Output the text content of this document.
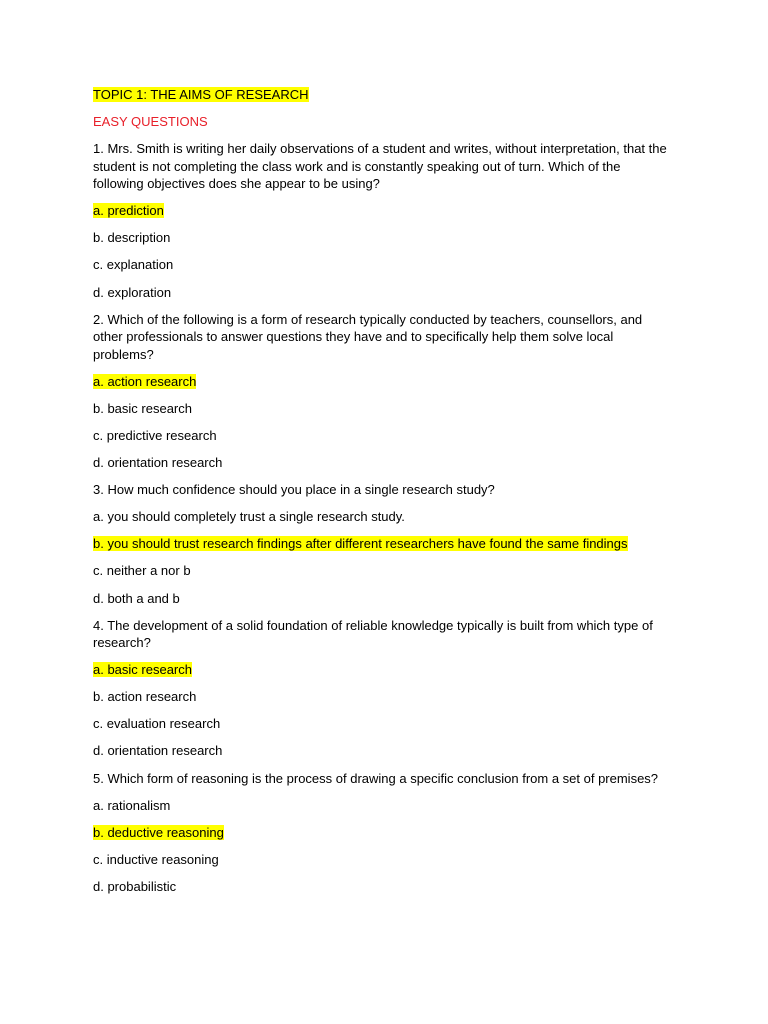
TOPIC 1: THE AIMS OF RESEARCH

EASY QUESTIONS

1. Mrs. Smith is writing her daily observations of a student and writes, without interpretation, that the student is not completing the class work and is constantly speaking out of turn. Which of the following objectives does she appear to be using?

a. prediction

b. description

c. explanation

d. exploration

2. Which of the following is a form of research typically conducted by teachers, counsellors, and other professionals to answer questions they have and to specifically help them solve local problems?

a. action research

b. basic research

c. predictive research

d. orientation research

3. How much confidence should you place in a single research study?

a. you should completely trust a single research study.

b. you should trust research findings after different researchers have found the same findings

c. neither a nor b

d. both a and b

4. The development of a solid foundation of reliable knowledge typically is built from which type of research?

a. basic research

b. action research

c. evaluation research

d. orientation research

5. Which form of reasoning is the process of drawing a specific conclusion from a set of premises?

a. rationalism

b. deductive reasoning

c. inductive reasoning

d. probabilistic
